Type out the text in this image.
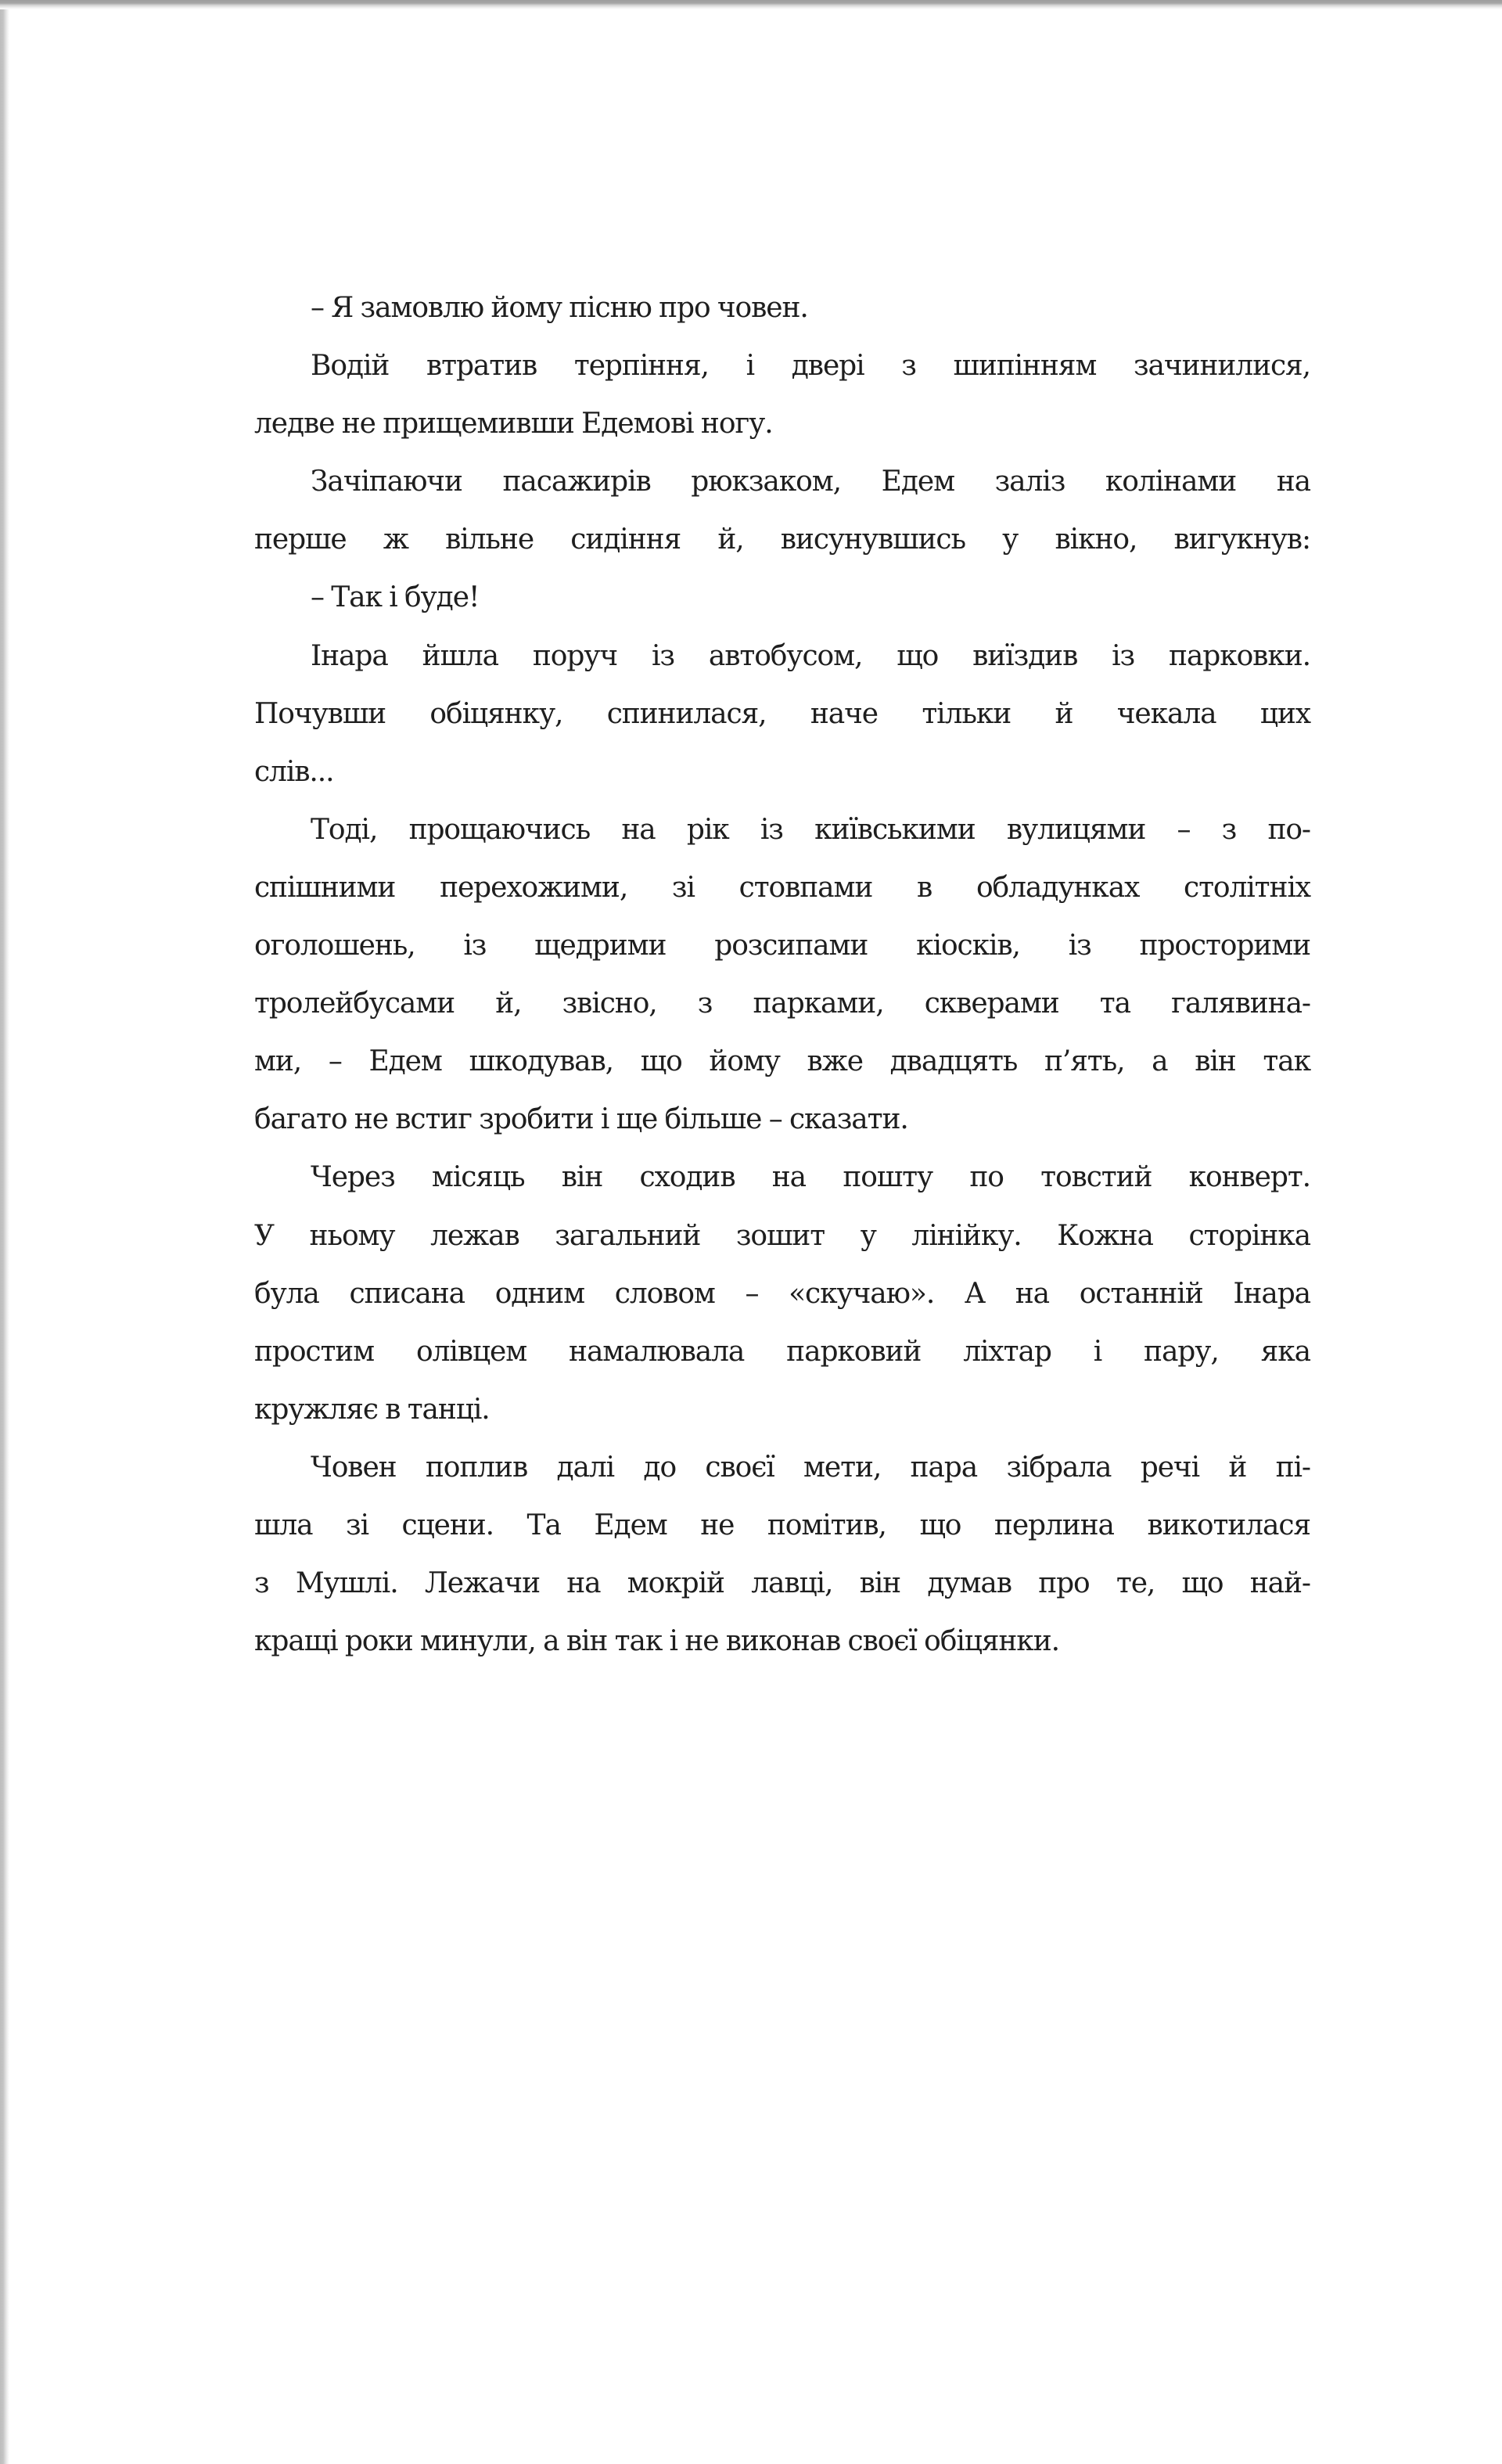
– Я замовлю йому пісню про човен.
Водій втратив терпіння, і двері з шипінням зачинилися,
ледве не прищемивши Едемові ногу.
Зачіпаючи пасажирів рюкзаком, Едем заліз колінами на
перше ж вільне сидіння й, висунувшись у вікно, вигукнув:
– Так і буде!
Інара йшла поруч із автобусом, що виїздив із парковки.
Почувши обіцянку, спинилася, наче тільки й чекала цих
слів...
Тоді, прощаючись на рік із київськими вулицями – з по-
спішними перехожими, зі стовпами в обладунках столітніх
оголошень, із щедрими розсипами кіосків, із просторими
тролейбусами й, звісно, з парками, скверами та галявина-
ми, – Едем шкодував, що йому вже двадцять п’ять, а він так
багато не встиг зробити і ще більше – сказати.
Через місяць він сходив на пошту по товстий конверт.
У ньому лежав загальний зошит у лінійку. Кожна сторінка
була списана одним словом – «скучаю». А на останній Інара
простим олівцем намалювала парковий ліхтар і пару, яка
кружляє в танці.
Човен поплив далі до своєї мети, пара зібрала речі й пі-
шла зі сцени. Та Едем не помітив, що перлина викотилася
з Мушлі. Лежачи на мокрій лавці, він думав про те, що най-
кращі роки минули, а він так і не виконав своєї обіцянки.
